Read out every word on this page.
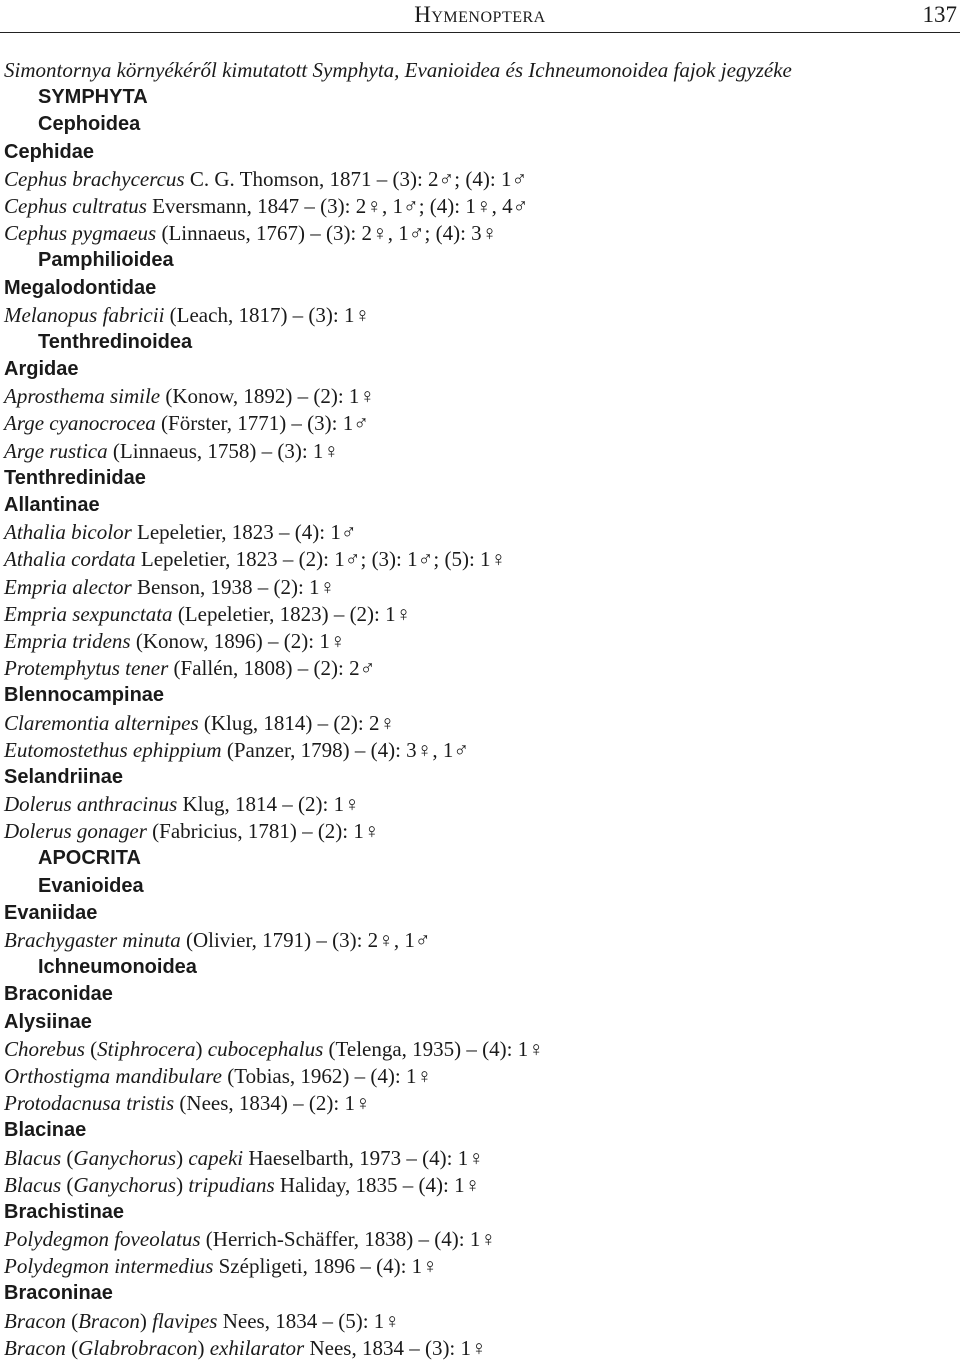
Hymenoptera	137
Simontornya környékéről kimutatott Symphyta, Evanioidea és Ichneumonoidea fajok jegyzéke
SYMPHYTA
Cephoidea
Cephidae
Cephus brachycercus C. G. Thomson, 1871 – (3): 2♂; (4): 1♂
Cephus cultratus Eversmann, 1847 – (3): 2♀, 1♂; (4): 1♀, 4♂
Cephus pygmaeus (Linnaeus, 1767) – (3): 2♀, 1♂; (4): 3♀
Pamphilioidea
Megalodontidae
Melanopus fabricii (Leach, 1817) – (3): 1♀
Tenthredinoidea
Argidae
Aprosthema simile (Konow, 1892) – (2): 1♀
Arge cyanocrocea (Förster, 1771) – (3): 1♂
Arge rustica (Linnaeus, 1758) – (3): 1♀
Tenthredinidae
Allantinae
Athalia bicolor Lepeletier, 1823 – (4): 1♂
Athalia cordata Lepeletier, 1823 – (2): 1♂; (3): 1♂; (5): 1♀
Empria alector Benson, 1938 – (2): 1♀
Empria sexpunctata (Lepeletier, 1823) – (2): 1♀
Empria tridens (Konow, 1896) – (2): 1♀
Protemphytus tener (Fallén, 1808) – (2): 2♂
Blennocampinae
Claremontia alternipes (Klug, 1814) – (2): 2♀
Eutomostethus ephippium (Panzer, 1798) – (4): 3♀, 1♂
Selandriinae
Dolerus anthracinus Klug, 1814 – (2): 1♀
Dolerus gonager (Fabricius, 1781) – (2): 1♀
APOCRITA
Evanioidea
Evaniidae
Brachygaster minuta (Olivier, 1791) – (3): 2♀, 1♂
Ichneumonoidea
Braconidae
Alysiinae
Chorebus (Stiphrocera) cubocephalus (Telenga, 1935) – (4): 1♀
Orthostigma mandibulare (Tobias, 1962) – (4): 1♀
Protodacnusa tristis (Nees, 1834) – (2): 1♀
Blacinae
Blacus (Ganychorus) capeki Haeselbarth, 1973 – (4): 1♀
Blacus (Ganychorus) tripudians Haliday, 1835 – (4): 1♀
Brachistinae
Polydegmon foveolatus (Herrich-Schäffer, 1838) – (4): 1♀
Polydegmon intermedius Szépligeti, 1896 – (4): 1♀
Braconinae
Bracon (Bracon) flavipes Nees, 1834 – (5): 1♀
Bracon (Glabrobracon) exhilarator Nees, 1834 – (3): 1♀
